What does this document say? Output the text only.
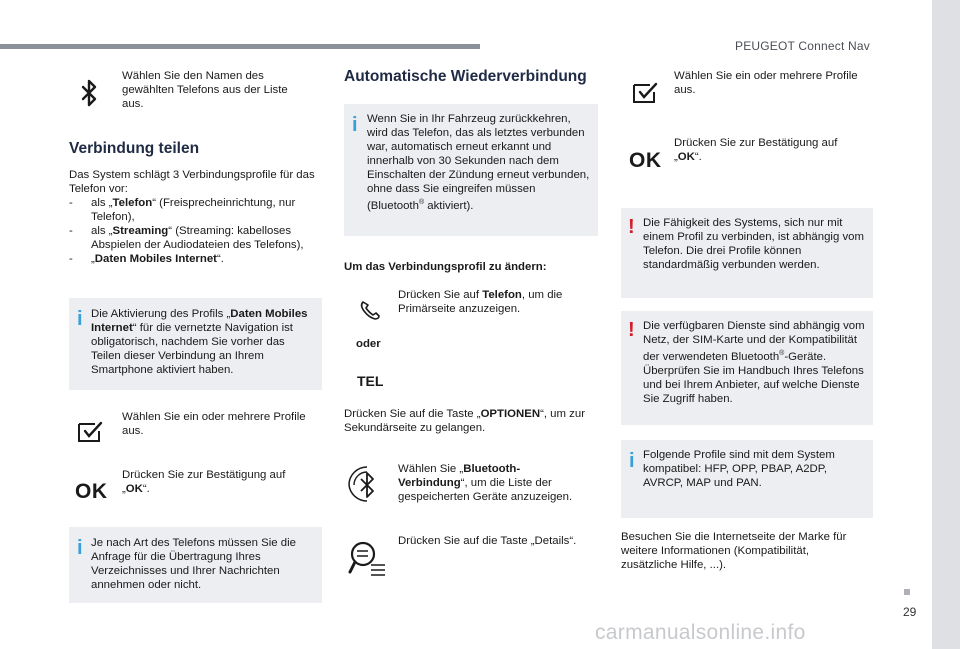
PEUGEOT Connect Nav
29
carmanualsonline.info
Wählen Sie den Namen des gewählten Telefons aus der Liste aus.
Verbindung teilen
Das System schlägt 3 Verbindungsprofile für das Telefon vor:
- als „Telefon“ (Freisprecheinrichtung, nur Telefon),
- als „Streaming“ (Streaming: kabelloses Abspielen der Audiodateien des Telefons),
- „Daten Mobiles Internet“.
i Die Aktivierung des Profils „Daten Mobiles Internet“ für die vernetzte Navigation ist obligatorisch, nachdem Sie vorher das Teilen dieser Verbindung an Ihrem Smartphone aktiviert haben.
Wählen Sie ein oder mehrere Profile aus.
OK
Drücken Sie zur Bestätigung auf „OK“.
i Je nach Art des Telefons müssen Sie die Anfrage für die Übertragung Ihres Verzeichnisses und Ihrer Nachrichten annehmen oder nicht.
Automatische Wiederverbindung
i Wenn Sie in Ihr Fahrzeug zurückkehren, wird das Telefon, das als letztes verbunden war, automatisch erneut erkannt und innerhalb von 30 Sekunden nach dem Einschalten der Zündung erneut verbunden, ohne dass Sie eingreifen müssen (Bluetooth® aktiviert).
Um das Verbindungsprofil zu ändern:
Drücken Sie auf Telefon, um die Primärseite anzuzeigen.
oder
TEL
Drücken Sie auf die Taste „OPTIONEN“, um zur Sekundärseite zu gelangen.
Wählen Sie „Bluetooth-Verbindung“, um die Liste der gespeicherten Geräte anzuzeigen.
Drücken Sie auf die Taste „Details“.
Wählen Sie ein oder mehrere Profile aus.
OK
Drücken Sie zur Bestätigung auf „OK“.
! Die Fähigkeit des Systems, sich nur mit einem Profil zu verbinden, ist abhängig vom Telefon. Die drei Profile können standardmäßig verbunden werden.
! Die verfügbaren Dienste sind abhängig vom Netz, der SIM-Karte und der Kompatibilität der verwendeten Bluetooth®-Geräte. Überprüfen Sie im Handbuch Ihres Telefons und bei Ihrem Anbieter, auf welche Dienste Sie Zugriff haben.
i Folgende Profile sind mit dem System kompatibel: HFP, OPP, PBAP, A2DP, AVRCP, MAP und PAN.
Besuchen Sie die Internetseite der Marke für weitere Informationen (Kompatibilität, zusätzliche Hilfe, ...).
